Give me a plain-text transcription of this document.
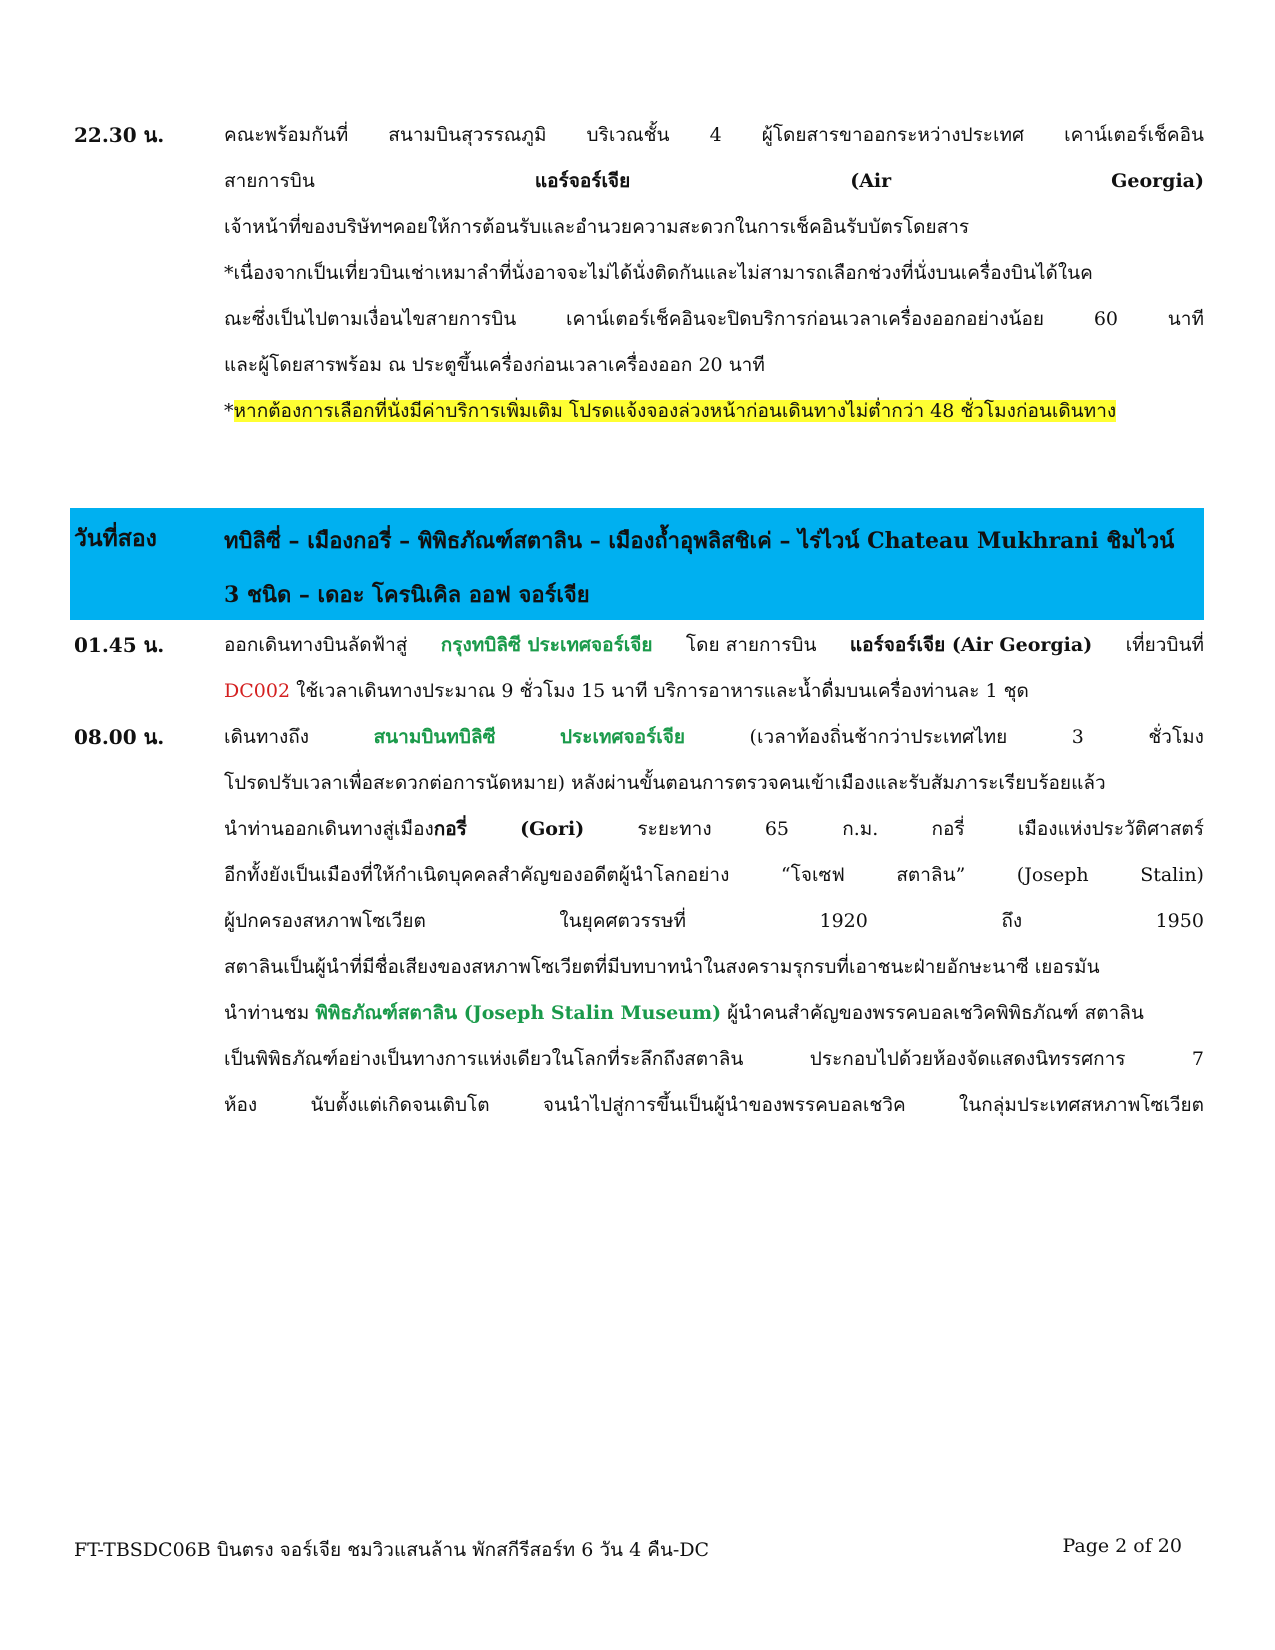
22.30 น.	คณะพร้อมกันที่ สนามบินสุวรรณภูมิ บริเวณชั้น 4 ผู้โดยสารขาออกระหว่างประเทศ เคาน์เตอร์เช็คอิน
สายการบิน	แอร์จอร์เจีย	(Air	Georgia)
เจ้าหน้าที่ของบริษัทฯคอยให้การต้อนรับและอำนวยความสะดวกในการเช็คอินรับบัตรโดยสาร
*เนื่องจากเป็นเที่ยวบินเช่าเหมาลำที่นั่งอาจจะไม่ได้นั่งติดกันและไม่สามารถเลือกช่วงที่นั่งบนเครื่องบินได้ในค
ณะซึ่งเป็นไปตามเงื่อนไขสายการบิน	เคาน์เตอร์เช็คอินจะปิดบริการก่อนเวลาเครื่องออกอย่างน้อย	60	นาที
และผู้โดยสารพร้อม ณ ประตูขึ้นเครื่องก่อนเวลาเครื่องออก 20 นาที
*หากต้องการเลือกที่นั่งมีค่าบริการเพิ่มเติม โปรดแจ้งจองล่วงหน้าก่อนเดินทางไม่ต่ำกว่า 48 ชั่วโมงก่อนเดินทาง
วันที่สอง	ทบิลิซี่ – เมืองกอรี่ – พิพิธภัณฑ์สตาลิน – เมืองถ้ำอุพลิสชิเค่ – ไร่ไวน์ Chateau Mukhrani ชิมไวน์
3 ชนิด – เดอะ โครนิเคิล ออฟ จอร์เจีย
01.45 น.	ออกเดินทางบินลัดฟ้าสู่ กรุงทบิลิซี ประเทศจอร์เจีย โดย สายการบิน แอร์จอร์เจีย (Air Georgia) เที่ยวบินที่
DC002 ใช้เวลาเดินทางประมาณ 9 ชั่วโมง 15 นาที บริการอาหารและน้ำดื่มบนเครื่องท่านละ 1 ชุด
08.00 น.	เดินทางถึง	สนามบินทบิลิซี	ประเทศจอร์เจีย	(เวลาท้องถิ่นช้ากว่าประเทศไทย	3	ชั่วโมง
โปรดปรับเวลาเพื่อสะดวกต่อการนัดหมาย) หลังผ่านขั้นตอนการตรวจคนเข้าเมืองและรับสัมภาระเรียบร้อยแล้ว
นำท่านออกเดินทางสู่เมืองกอรี่	(Gori)	ระยะทาง	65	ก.ม.	กอรี่	เมืองแห่งประวัติศาสตร์
อีกทั้งยังเป็นเมืองที่ให้กำเนิดบุคคลสำคัญของอดีตผู้นำโลกอย่าง	“โจเซฟ	สตาลิน”	(Joseph	Stalin)
ผู้ปกครองสหภาพโซเวียต	ในยุคศตวรรษที่	1920	ถึง	1950
สตาลินเป็นผู้นำที่มีชื่อเสียงของสหภาพโซเวียตที่มีบทบาทนำในสงครามรุกรบที่เอาชนะฝ่ายอักษะนาซี เยอรมัน
นำท่านชม พิพิธภัณฑ์สตาลิน (Joseph Stalin Museum) ผู้นำคนสำคัญของพรรคบอลเชวิคพิพิธภัณฑ์ สตาลิน
เป็นพิพิธภัณฑ์อย่างเป็นทางการแห่งเดียวในโลกที่ระลึกถึงสตาลิน	ประกอบไปด้วยห้องจัดแสดงนิทรรศการ	7
ห้อง	นับตั้งแต่เกิดจนเติบโต	จนนำไปสู่การขึ้นเป็นผู้นำของพรรคบอลเชวิค	ในกลุ่มประเทศสหภาพโซเวียต
FT-TBSDC06B บินตรง จอร์เจีย ชมวิวแสนล้าน พักสกีรีสอร์ท 6 วัน 4 คืน-DC	Page 2 of 20
